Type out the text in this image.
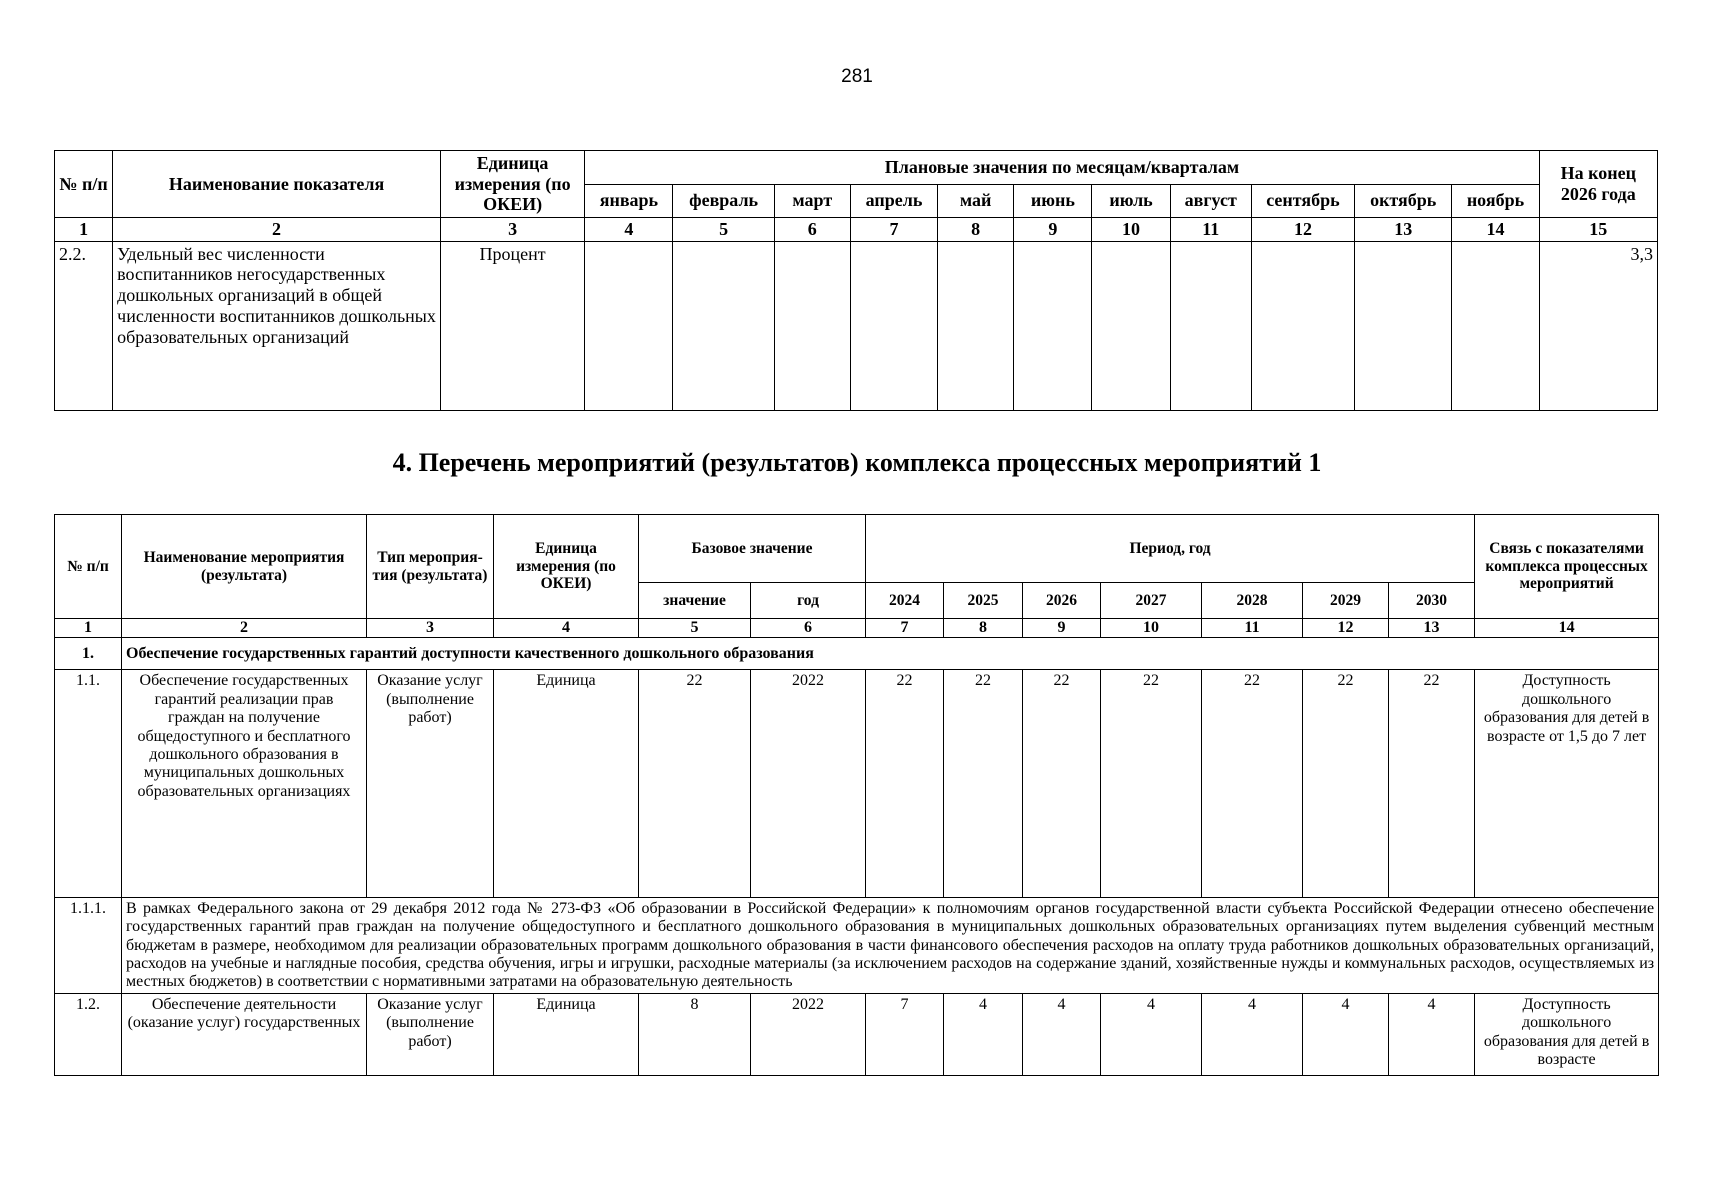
281
№ п/п	Наименование показателя	Единица измерения (по ОКЕИ)	Плановые значения по месяцам/кварталам											На конец 2026 года
			январь	февраль	март	апрель	май	июнь	июль	август	сентябрь	октябрь	ноябрь	
1	2	3	4	5	6	7	8	9	10	11	12	13	14	15
2.2.	Удельный вес численности воспитанников негосударственных дошкольных организаций в общей численности воспитанников дошкольных образовательных организаций	Процент												3,3
4. Перечень мероприятий (результатов) комплекса процессных мероприятий 1
№ п/п	Наименование мероприятия (результата)	Тип мероприя-тия (результата)	Единица измерения (по ОКЕИ)	Базовое значение		Период, год							Связь с показателями комплекса процессных мероприятий
				значение	год	2024	2025	2026	2027	2028	2029	2030	
1	2	3	4	5	6	7	8	9	10	11	12	13	14
1.	Обеспечение государственных гарантий доступности качественного дошкольного образования												
1.1.	Обеспечение государственных гарантий реализации прав граждан на получение общедоступного и бесплатного дошкольного образования в муниципальных дошкольных образовательных организациях	Оказание услуг (выполнение работ)	Единица	22	2022	22	22	22	22	22	22	22	Доступность дошкольного образования для детей в возрасте от 1,5 до 7 лет
1.1.1.	В рамках Федерального закона от 29 декабря 2012 года № 273-ФЗ «Об образовании в Российской Федерации» к полномочиям органов государственной власти субъекта Российской Федерации отнесено обеспечение государственных гарантий прав граждан на получение общедоступного и бесплатного дошкольного образования в муниципальных дошкольных образовательных организациях путем выделения субвенций местным бюджетам в размере, необходимом для реализации образовательных программ дошкольного образования в части финансового обеспечения расходов на оплату труда работников дошкольных образовательных организаций, расходов на учебные и наглядные пособия, средства обучения, игры и игрушки, расходные материалы (за исключением расходов на содержание зданий, хозяйственные нужды и коммунальных расходов, осуществляемых из местных бюджетов) в соответствии с нормативными затратами на образовательную деятельность												
1.2.	Обеспечение деятельности (оказание услуг) государственных	Оказание услуг (выполнение работ)	Единица	8	2022	7	4	4	4	4	4	4	Доступность дошкольного образования для детей в возрасте
